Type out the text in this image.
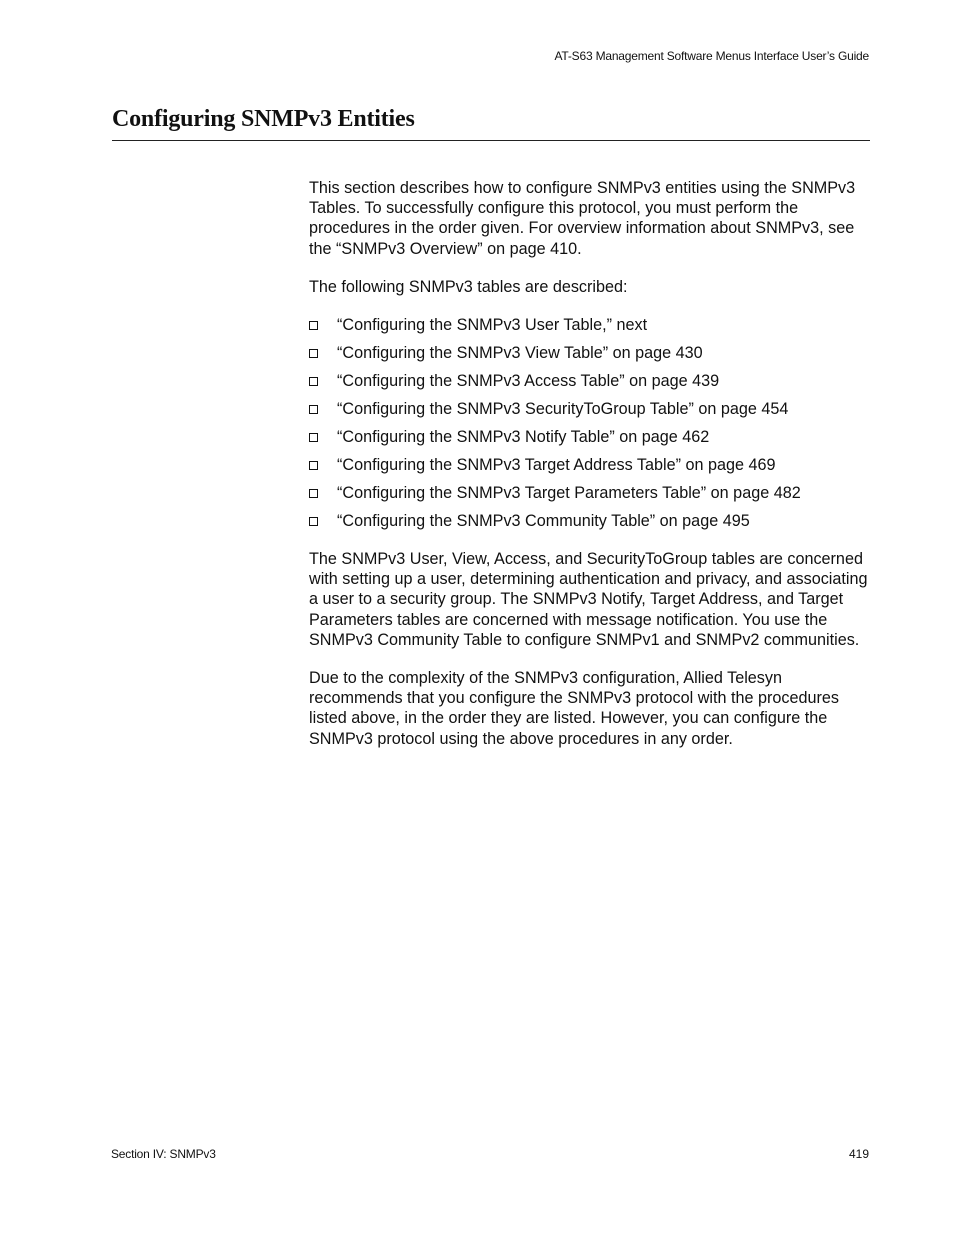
AT-S63 Management Software Menus Interface User’s Guide
Configuring SNMPv3 Entities

This section describes how to configure SNMPv3 entities using the SNMPv3 Tables. To successfully configure this protocol, you must perform the procedures in the order given. For overview information about SNMPv3, see the “SNMPv3 Overview” on page 410.

The following SNMPv3 tables are described:

“Configuring the SNMPv3 User Table,” next
“Configuring the SNMPv3 View Table” on page 430
“Configuring the SNMPv3 Access Table” on page 439
“Configuring the SNMPv3 SecurityToGroup Table” on page 454
“Configuring the SNMPv3 Notify Table” on page 462
“Configuring the SNMPv3 Target Address Table” on page 469
“Configuring the SNMPv3 Target Parameters Table” on page 482
“Configuring the SNMPv3 Community Table” on page 495

The SNMPv3 User, View, Access, and SecurityToGroup tables are concerned with setting up a user, determining authentication and privacy, and associating a user to a security group. The SNMPv3 Notify, Target Address, and Target Parameters tables are concerned with message notification. You use the SNMPv3 Community Table to configure SNMPv1 and SNMPv2 communities.

Due to the complexity of the SNMPv3 configuration, Allied Telesyn recommends that you configure the SNMPv3 protocol with the procedures listed above, in the order they are listed. However, you can configure the SNMPv3 protocol using the above procedures in any order.

Section IV: SNMPv3	419
